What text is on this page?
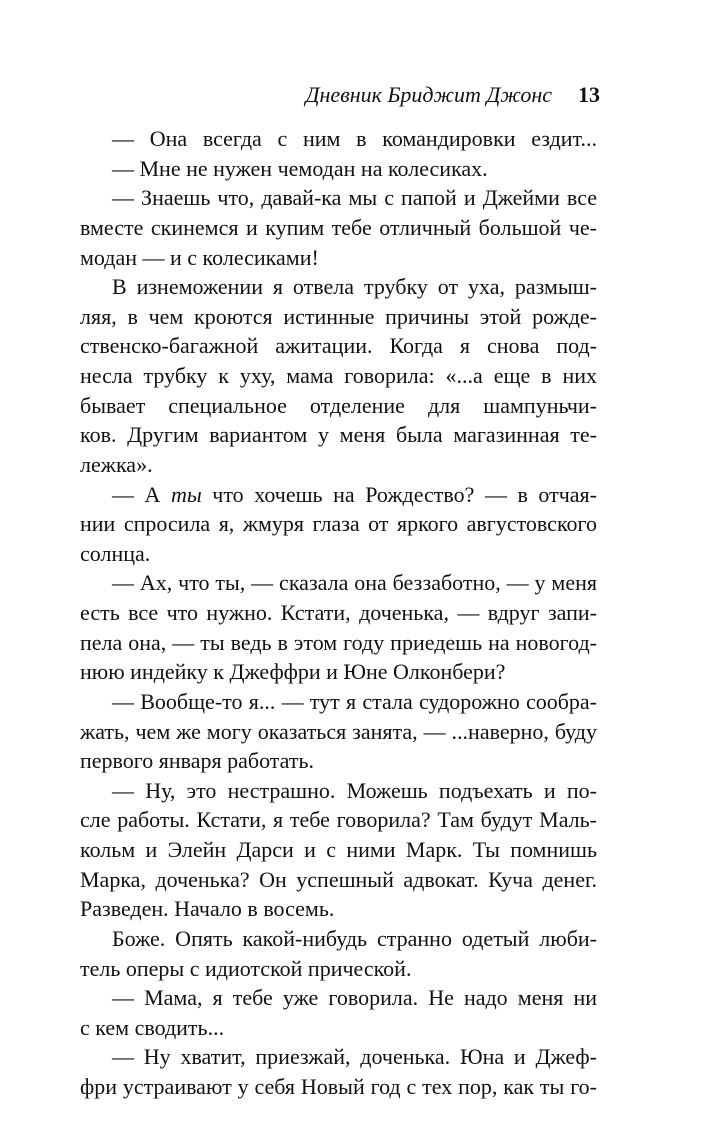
Дневник Бриджит Джонс 13
— Она всегда с ним в командировки ездит...
— Мне не нужен чемодан на колесиках.
— Знаешь что, давай-ка мы с папой и Джейми все
вместе скинемся и купим тебе отличный большой че-
модан — и с колесиками!
В изнеможении я отвела трубку от уха, размыш-
ляя, в чем кроются истинные причины этой рожде-
ственско-багажной ажитации. Когда я снова под-
несла трубку к уху, мама говорила: «...а еще в них
бывает специальное отделение для шампуньчи-
ков. Другим вариантом у меня была магазинная те-
лежка».
— А ты что хочешь на Рождество? — в отчая-
нии спросила я, жмуря глаза от яркого августовского
солнца.
— Ах, что ты, — сказала она беззаботно, — у меня
есть все что нужно. Кстати, доченька, — вдруг запи-
пела она, — ты ведь в этом году приедешь на новогод-
нюю индейку к Джеффри и Юне Олконбери?
— Вообще-то я... — тут я стала судорожно сообра-
жать, чем же могу оказаться занята, — ...наверно, буду
первого января работать.
— Ну, это нестрашно. Можешь подъехать и по-
сле работы. Кстати, я тебе говорила? Там будут Маль-
кольм и Элейн Дарси и с ними Марк. Ты помнишь
Марка, доченька? Он успешный адвокат. Куча денег.
Разведен. Начало в восемь.
Боже. Опять какой-нибудь странно одетый люби-
тель оперы с идиотской прической.
— Мама, я тебе уже говорила. Не надо меня ни
с кем сводить...
— Ну хватит, приезжай, доченька. Юна и Джеф-
фри устраивают у себя Новый год с тех пор, как ты го-
